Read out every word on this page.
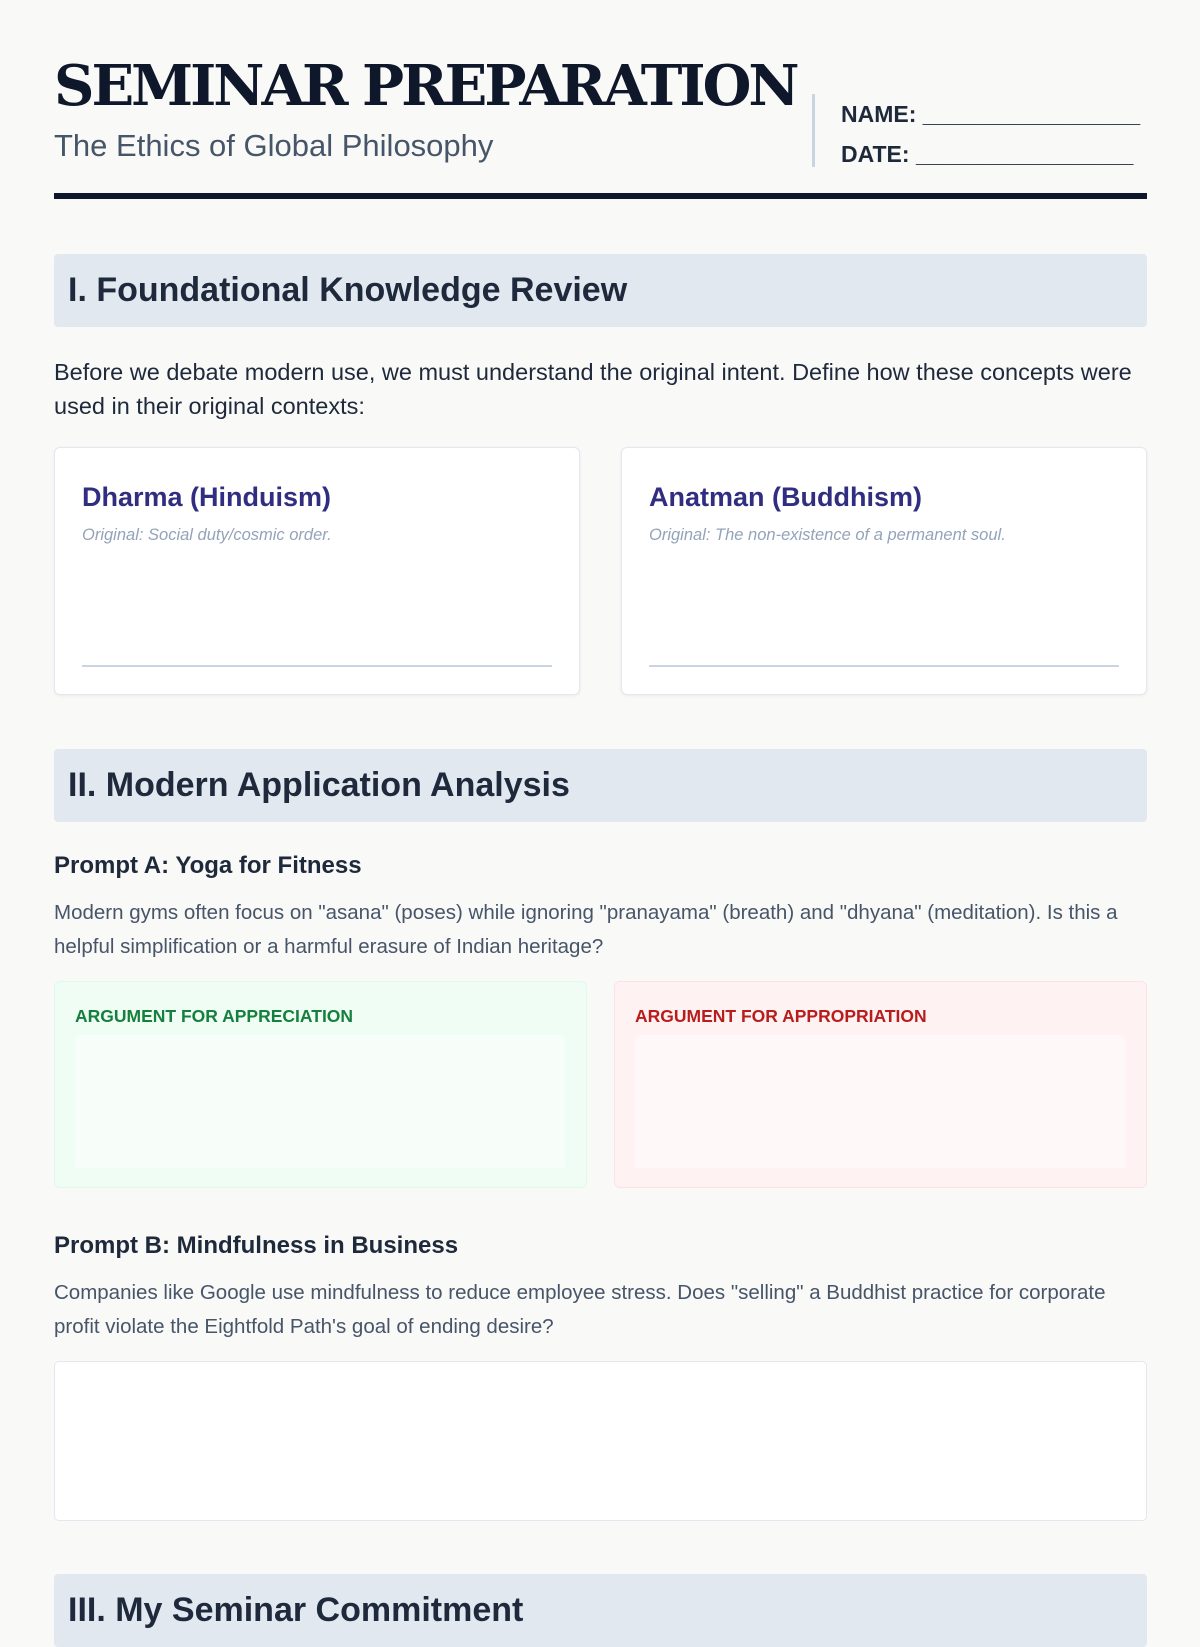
SEMINAR PREPARATION
The Ethics of Global Philosophy
NAME: _________________
DATE: _________________
I. Foundational Knowledge Review
Before we debate modern use, we must understand the original intent. Define how these concepts were used in their original contexts:
Dharma (Hinduism)
Original: Social duty/cosmic order.
Anatman (Buddhism)
Original: The non-existence of a permanent soul.
II. Modern Application Analysis
Prompt A: Yoga for Fitness
Modern gyms often focus on "asana" (poses) while ignoring "pranayama" (breath) and "dhyana" (meditation). Is this a helpful simplification or a harmful erasure of Indian heritage?
ARGUMENT FOR APPRECIATION	ARGUMENT FOR APPROPRIATION
Prompt B: Mindfulness in Business
Companies like Google use mindfulness to reduce employee stress. Does "selling" a Buddhist practice for corporate profit violate the Eightfold Path's goal of ending desire?
III. My Seminar Commitment
